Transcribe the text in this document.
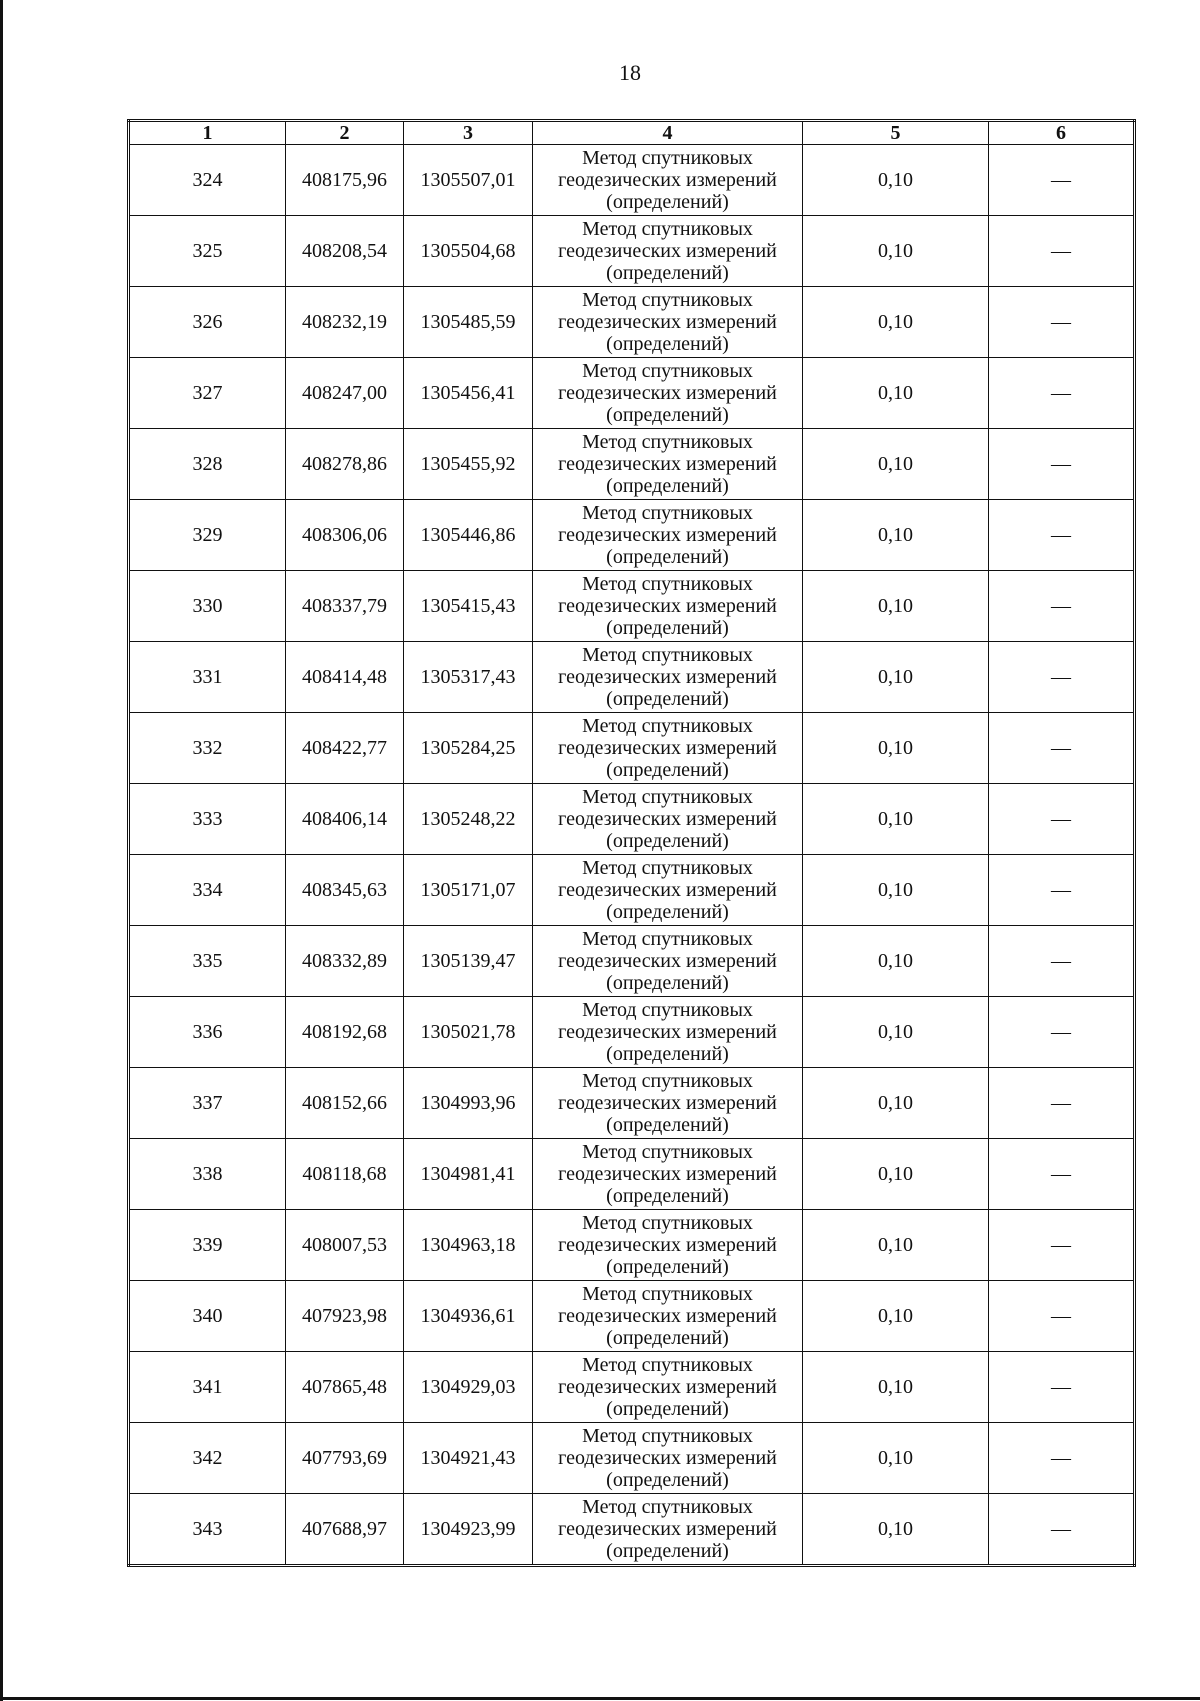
18
1	2	3	4	5	6
324	408175,96	1305507,01	Метод спутниковых геодезических измерений (определений)	0,10	—
325	408208,54	1305504,68	Метод спутниковых геодезических измерений (определений)	0,10	—
326	408232,19	1305485,59	Метод спутниковых геодезических измерений (определений)	0,10	—
327	408247,00	1305456,41	Метод спутниковых геодезических измерений (определений)	0,10	—
328	408278,86	1305455,92	Метод спутниковых геодезических измерений (определений)	0,10	—
329	408306,06	1305446,86	Метод спутниковых геодезических измерений (определений)	0,10	—
330	408337,79	1305415,43	Метод спутниковых геодезических измерений (определений)	0,10	—
331	408414,48	1305317,43	Метод спутниковых геодезических измерений (определений)	0,10	—
332	408422,77	1305284,25	Метод спутниковых геодезических измерений (определений)	0,10	—
333	408406,14	1305248,22	Метод спутниковых геодезических измерений (определений)	0,10	—
334	408345,63	1305171,07	Метод спутниковых геодезических измерений (определений)	0,10	—
335	408332,89	1305139,47	Метод спутниковых геодезических измерений (определений)	0,10	—
336	408192,68	1305021,78	Метод спутниковых геодезических измерений (определений)	0,10	—
337	408152,66	1304993,96	Метод спутниковых геодезических измерений (определений)	0,10	—
338	408118,68	1304981,41	Метод спутниковых геодезических измерений (определений)	0,10	—
339	408007,53	1304963,18	Метод спутниковых геодезических измерений (определений)	0,10	—
340	407923,98	1304936,61	Метод спутниковых геодезических измерений (определений)	0,10	—
341	407865,48	1304929,03	Метод спутниковых геодезических измерений (определений)	0,10	—
342	407793,69	1304921,43	Метод спутниковых геодезических измерений (определений)	0,10	—
343	407688,97	1304923,99	Метод спутниковых геодезических измерений (определений)	0,10	—
